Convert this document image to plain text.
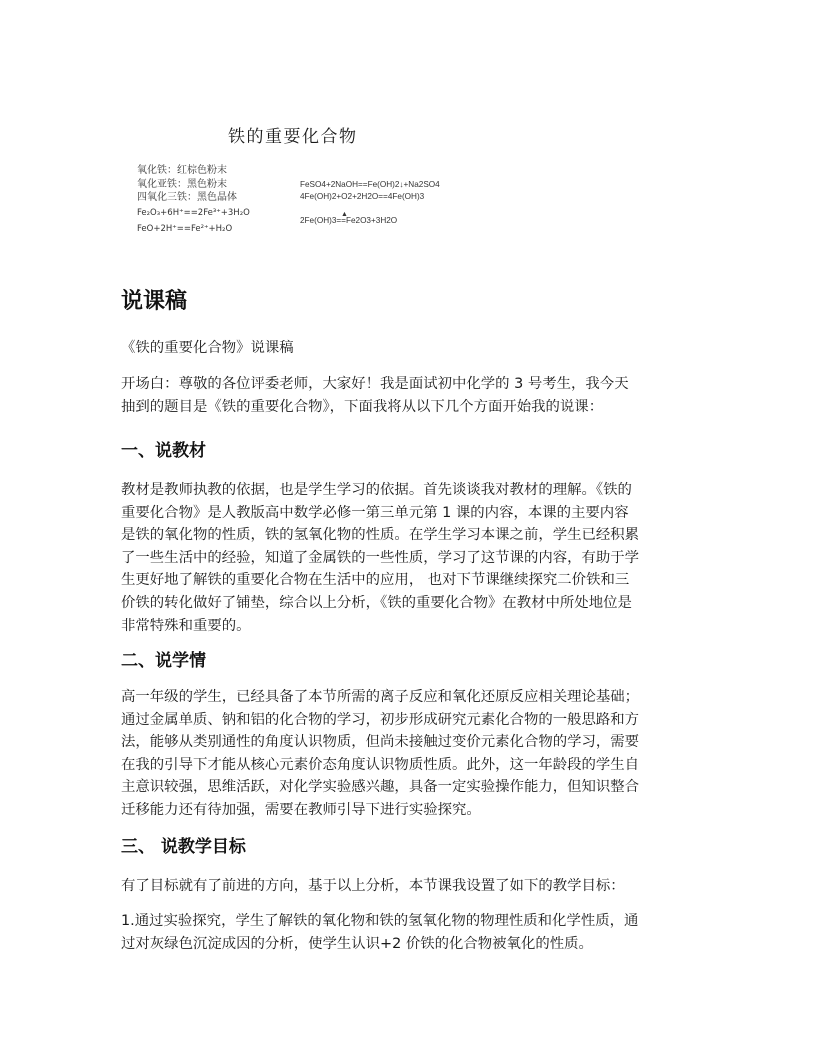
铁的重要化合物
氧化铁：红棕色粉末
氧化亚铁：黑色粉末
四氧化三铁：黑色晶体
Fe₂O₃+6H⁺==2Fe³⁺+3H₂O
FeO+2H⁺==Fe²⁺+H₂O
FeSO4+2NaOH==Fe(OH)2↓+Na2SO4
4Fe(OH)2+O2+2H2O==4Fe(OH)3
▲
2Fe(OH)3==Fe2O3+3H2O
说课稿
《铁的重要化合物》说课稿
开场白：尊敬的各位评委老师，大家好！我是面试初中化学的 3 号考生，我今天
抽到的题目是《铁的重要化合物》，下面我将从以下几个方面开始我的说课：
一、说教材
教材是教师执教的依据，也是学生学习的依据。首先谈谈我对教材的理解。《铁的
重要化合物》是人教版高中数学必修一第三单元第 1 课的内容，本课的主要内容
是铁的氧化物的性质，铁的氢氧化物的性质。在学生学习本课之前，学生已经积累
了一些生活中的经验，知道了金属铁的一些性质，学习了这节课的内容，有助于学
生更好地了解铁的重要化合物在生活中的应用， 也对下节课继续探究二价铁和三
价铁的转化做好了铺垫，综合以上分析，《铁的重要化合物》在教材中所处地位是
非常特殊和重要的。
二、说学情
高一年级的学生，已经具备了本节所需的离子反应和氧化还原反应相关理论基础；
通过金属单质、钠和铝的化合物的学习，初步形成研究元素化合物的一般思路和方
法，能够从类别通性的角度认识物质，但尚未接触过变价元素化合物的学习，需要
在我的引导下才能从核心元素价态角度认识物质性质。此外，这一年龄段的学生自
主意识较强，思维活跃，对化学实验感兴趣，具备一定实验操作能力，但知识整合
迁移能力还有待加强，需要在教师引导下进行实验探究。
三、 说教学目标
有了目标就有了前进的方向，基于以上分析，本节课我设置了如下的教学目标：
1.通过实验探究，学生了解铁的氧化物和铁的氢氧化物的物理性质和化学性质，通
过对灰绿色沉淀成因的分析，使学生认识+2 价铁的化合物被氧化的性质。
